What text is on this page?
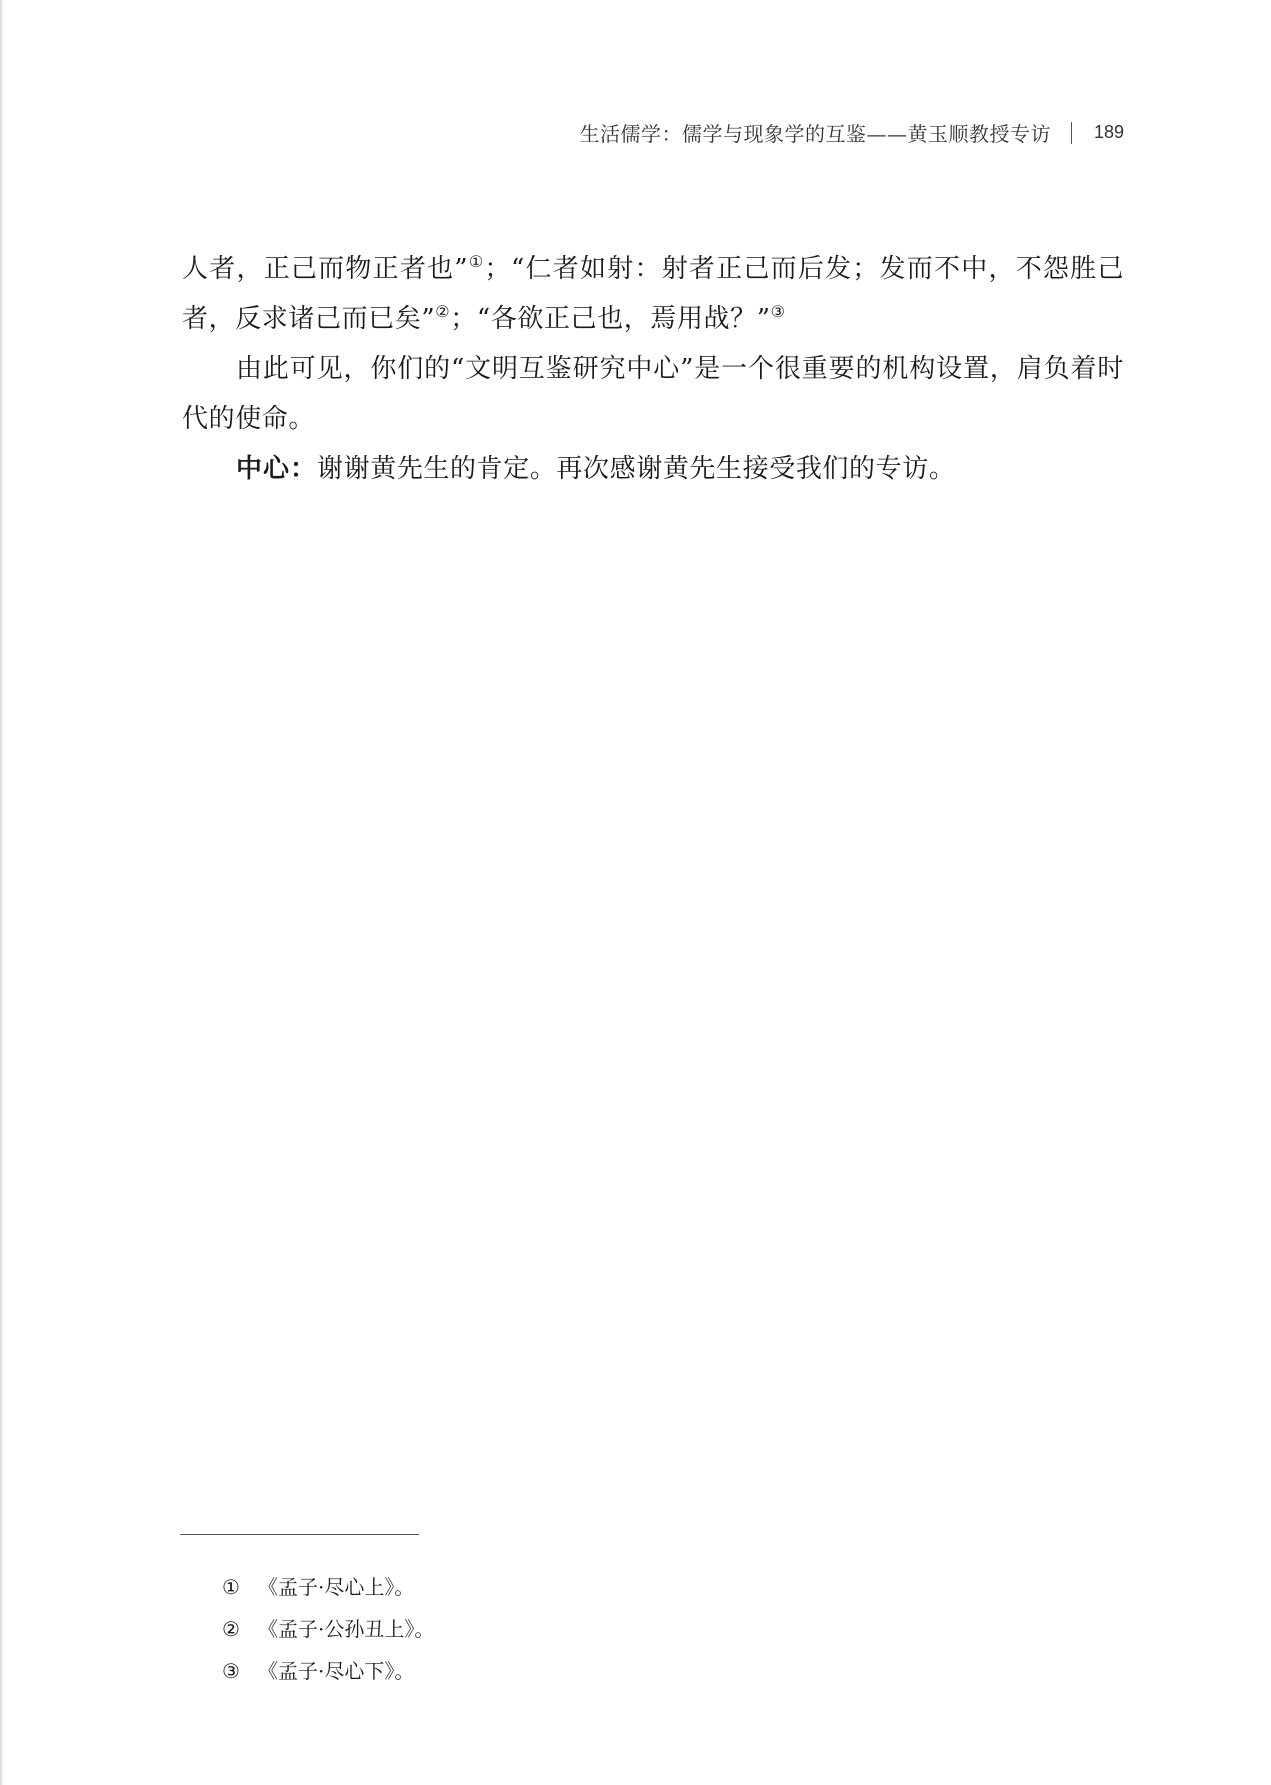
生活儒学：儒学与现象学的互鉴——黄玉顺教授专访 189

人者，正己而物正者也”①；“仁者如射：射者正己而后发；发而不中，不怨胜己者，反求诸己而已矣”②；“各欲正己也，焉用战？”③

由此可见，你们的“文明互鉴研究中心”是一个很重要的机构设置，肩负着时代的使命。

中心：谢谢黄先生的肯定。再次感谢黄先生接受我们的专访。

① 《孟子·尽心上》。
② 《孟子·公孙丑上》。
③ 《孟子·尽心下》。
